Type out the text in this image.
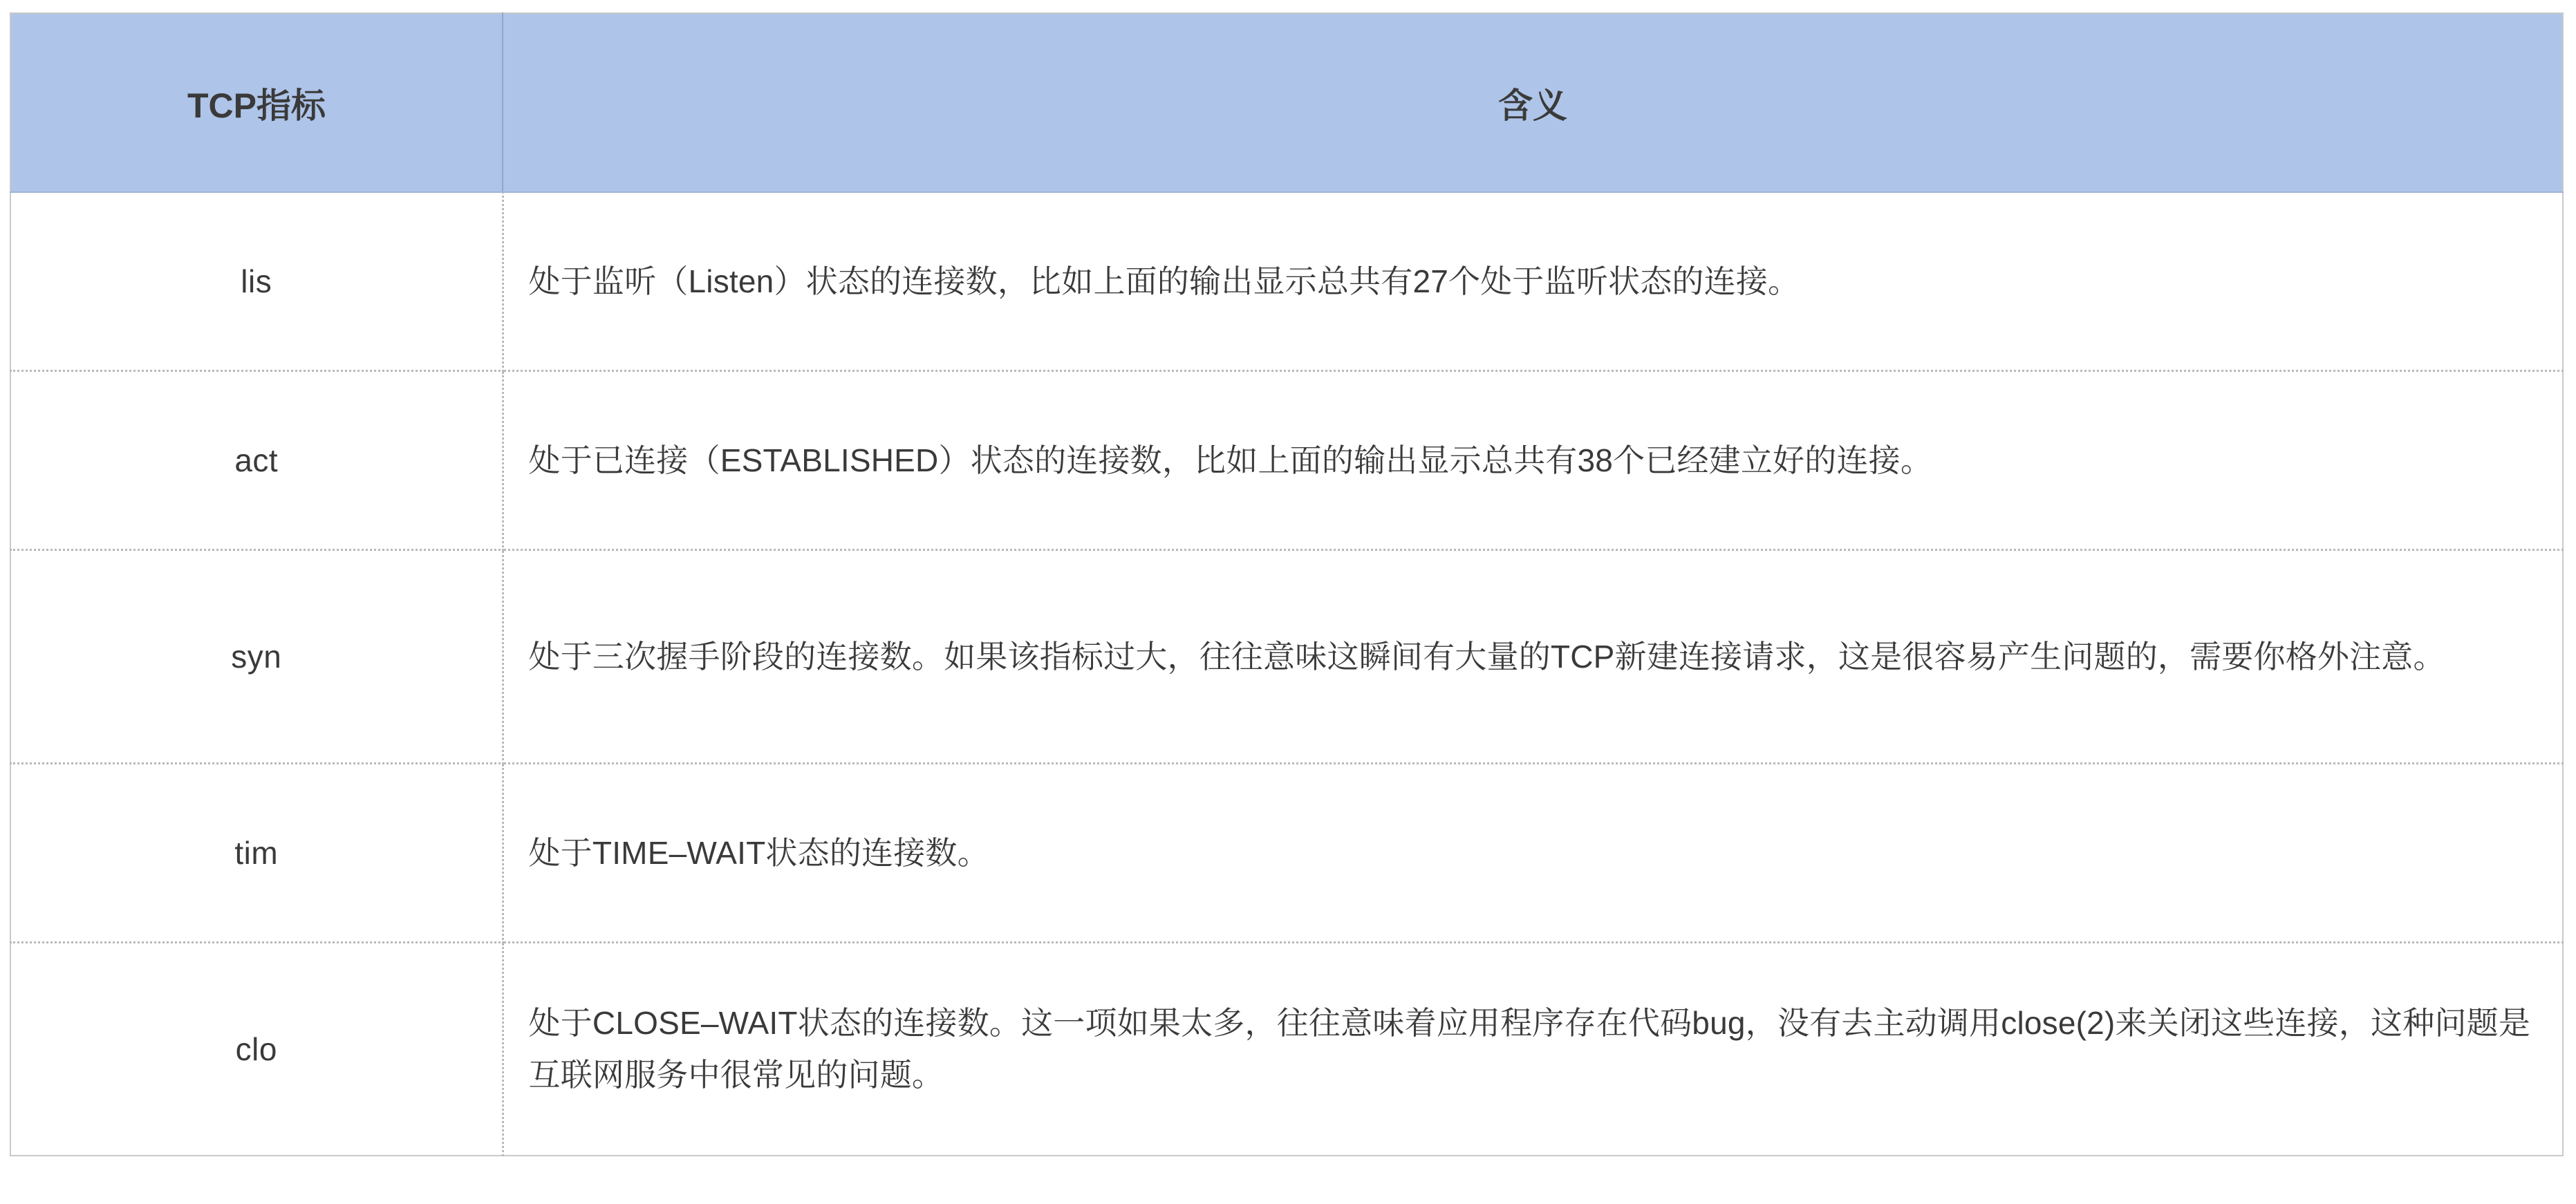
TCP指标	含义
lis	处于监听（Listen）状态的连接数，比如上面的输出显示总共有27个处于监听状态的连接。
act	处于已连接（ESTABLISHED）状态的连接数，比如上面的输出显示总共有38个已经建立好的连接。
syn	处于三次握手阶段的连接数。如果该指标过大，往往意味这瞬间有大量的TCP新建连接请求，这是很容易产生问题的，需要你格外注意。
tim	处于TIME–WAIT状态的连接数。
clo	处于CLOSE–WAIT状态的连接数。这一项如果太多，往往意味着应用程序存在代码bug，没有去主动调用close(2)来关闭这些连接，这种问题是互联网服务中很常见的问题。
